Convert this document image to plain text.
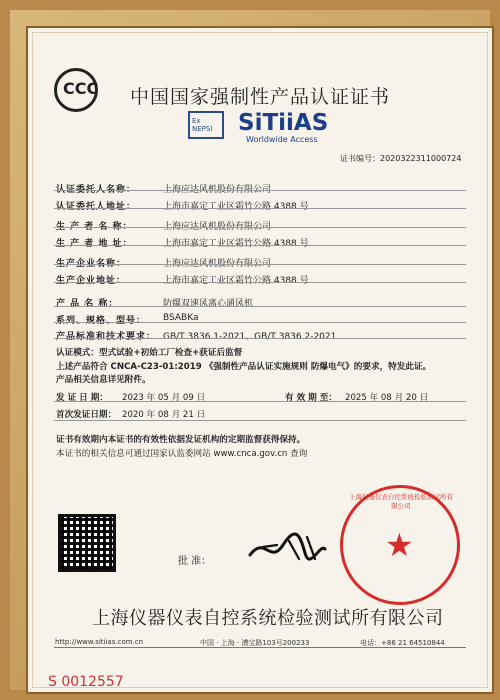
CCC 中国国家强制性产品认证证书
Ex NEPSI	SiTiiAS
Worldwide Access
证书编号：2020322311000724
认证委托人名称：	上海应达风机股份有限公司
认证委托人地址：	上海市嘉定工业区霜竹公路 4388 号
生 产 者 名 称：	上海应达风机股份有限公司
生 产 者 地 址：	上海市嘉定工业区霜竹公路 4388 号
生产企业名称：	上海应达风机股份有限公司
生产企业地址：	上海市嘉定工业区霜竹公路 4388 号
产 品 名 称：	防爆双速风离心通风机
系列、规格、型号： BSABKa
产品标准和技术要求： GB/T 3836.1-2021、GB/T 3836.2-2021
认证模式：型式试验+初始工厂检查+获证后监督
上述产品符合 CNCA-C23-01:2019 《强制性产品认证实施规则 防爆电气》的要求，特发此证。
产品相关信息详见附件。
发 证 日 期： 2023 年 05 月 09 日	有 效 期 至： 2025 年 08 月 20 日
首次发证日期： 2020 年 08 月 21 日
证书有效期内本证书的有效性依据发证机构的定期监督获得保持。
本证书的相关信息可通过国家认监委网站 www.cnca.gov.cn 查询
批 准：
上海仪器仪表自控系统检验测试所有限公司
★
上海仪器仪表自控系统检验测试所有限公司
http://www.sitiias.com.cn	中国 · 上海 · 漕宝路103号200233	电话：+86 21 64510844
S 0012557
